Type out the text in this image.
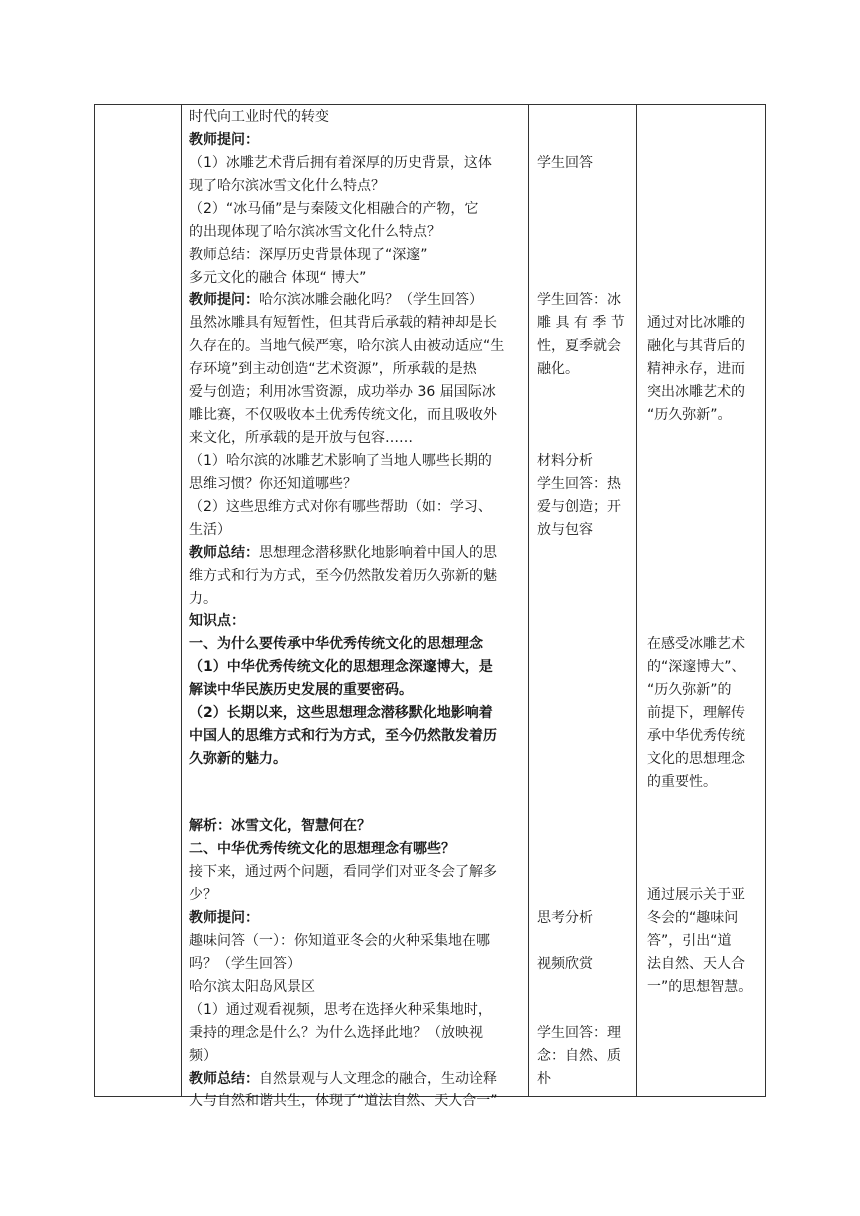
时代向工业时代的转变
教师提问：
（1）冰雕艺术背后拥有着深厚的历史背景，这体
现了哈尔滨冰雪文化什么特点？
（2）“冰马俑”是与秦陵文化相融合的产物，它
的出现体现了哈尔滨冰雪文化什么特点？
教师总结：深厚历史背景体现了“深邃”
多元文化的融合 体现“ 博大”
教师提问：哈尔滨冰雕会融化吗？（学生回答）
虽然冰雕具有短暂性，但其背后承载的精神却是长
久存在的。当地气候严寒，哈尔滨人由被动适应“生
存环境”到主动创造“艺术资源”，所承载的是热
爱与创造；利用冰雪资源，成功举办 36 届国际冰
雕比赛，不仅吸收本土优秀传统文化，而且吸收外
来文化，所承载的是开放与包容……
（1）哈尔滨的冰雕艺术影响了当地人哪些长期的
思维习惯？你还知道哪些？
（2）这些思维方式对你有哪些帮助（如：学习、
生活）
教师总结：思想理念潜移默化地影响着中国人的思
维方式和行为方式，至今仍然散发着历久弥新的魅
力。
知识点：
一、为什么要传承中华优秀传统文化的思想理念
（1）中华优秀传统文化的思想理念深邃博大，是
解读中华民族历史发展的重要密码。
（2）长期以来，这些思想理念潜移默化地影响着
中国人的思维方式和行为方式，至今仍然散发着历
久弥新的魅力。
解析：冰雪文化，智慧何在？
二、中华优秀传统文化的思想理念有哪些？
接下来，通过两个问题，看同学们对亚冬会了解多
少？
教师提问：
趣味问答（一）：你知道亚冬会的火种采集地在哪
吗？（学生回答）
哈尔滨太阳岛风景区
（1）通过观看视频，思考在选择火种采集地时，
秉持的理念是什么？为什么选择此地？（放映视
频）
教师总结：自然景观与人文理念的融合，生动诠释
人与自然和谐共生，体现了“道法自然、天人合一”
学生回答
学生回答：冰
雕 具 有 季 节
性，夏季就会
融化。
材料分析
学生回答：热
爱与创造；开
放与包容
思考分析
视频欣赏
学生回答：理
念：自然、质
朴
通过对比冰雕的
融化与其背后的
精神永存，进而
突出冰雕艺术的
“历久弥新”。
在感受冰雕艺术
的“深邃博大”、
“历久弥新”的
前提下，理解传
承中华优秀传统
文化的思想理念
的重要性。
通过展示关于亚
冬会的“趣味问
答”，引出“道
法自然、天人合
一”的思想智慧。
